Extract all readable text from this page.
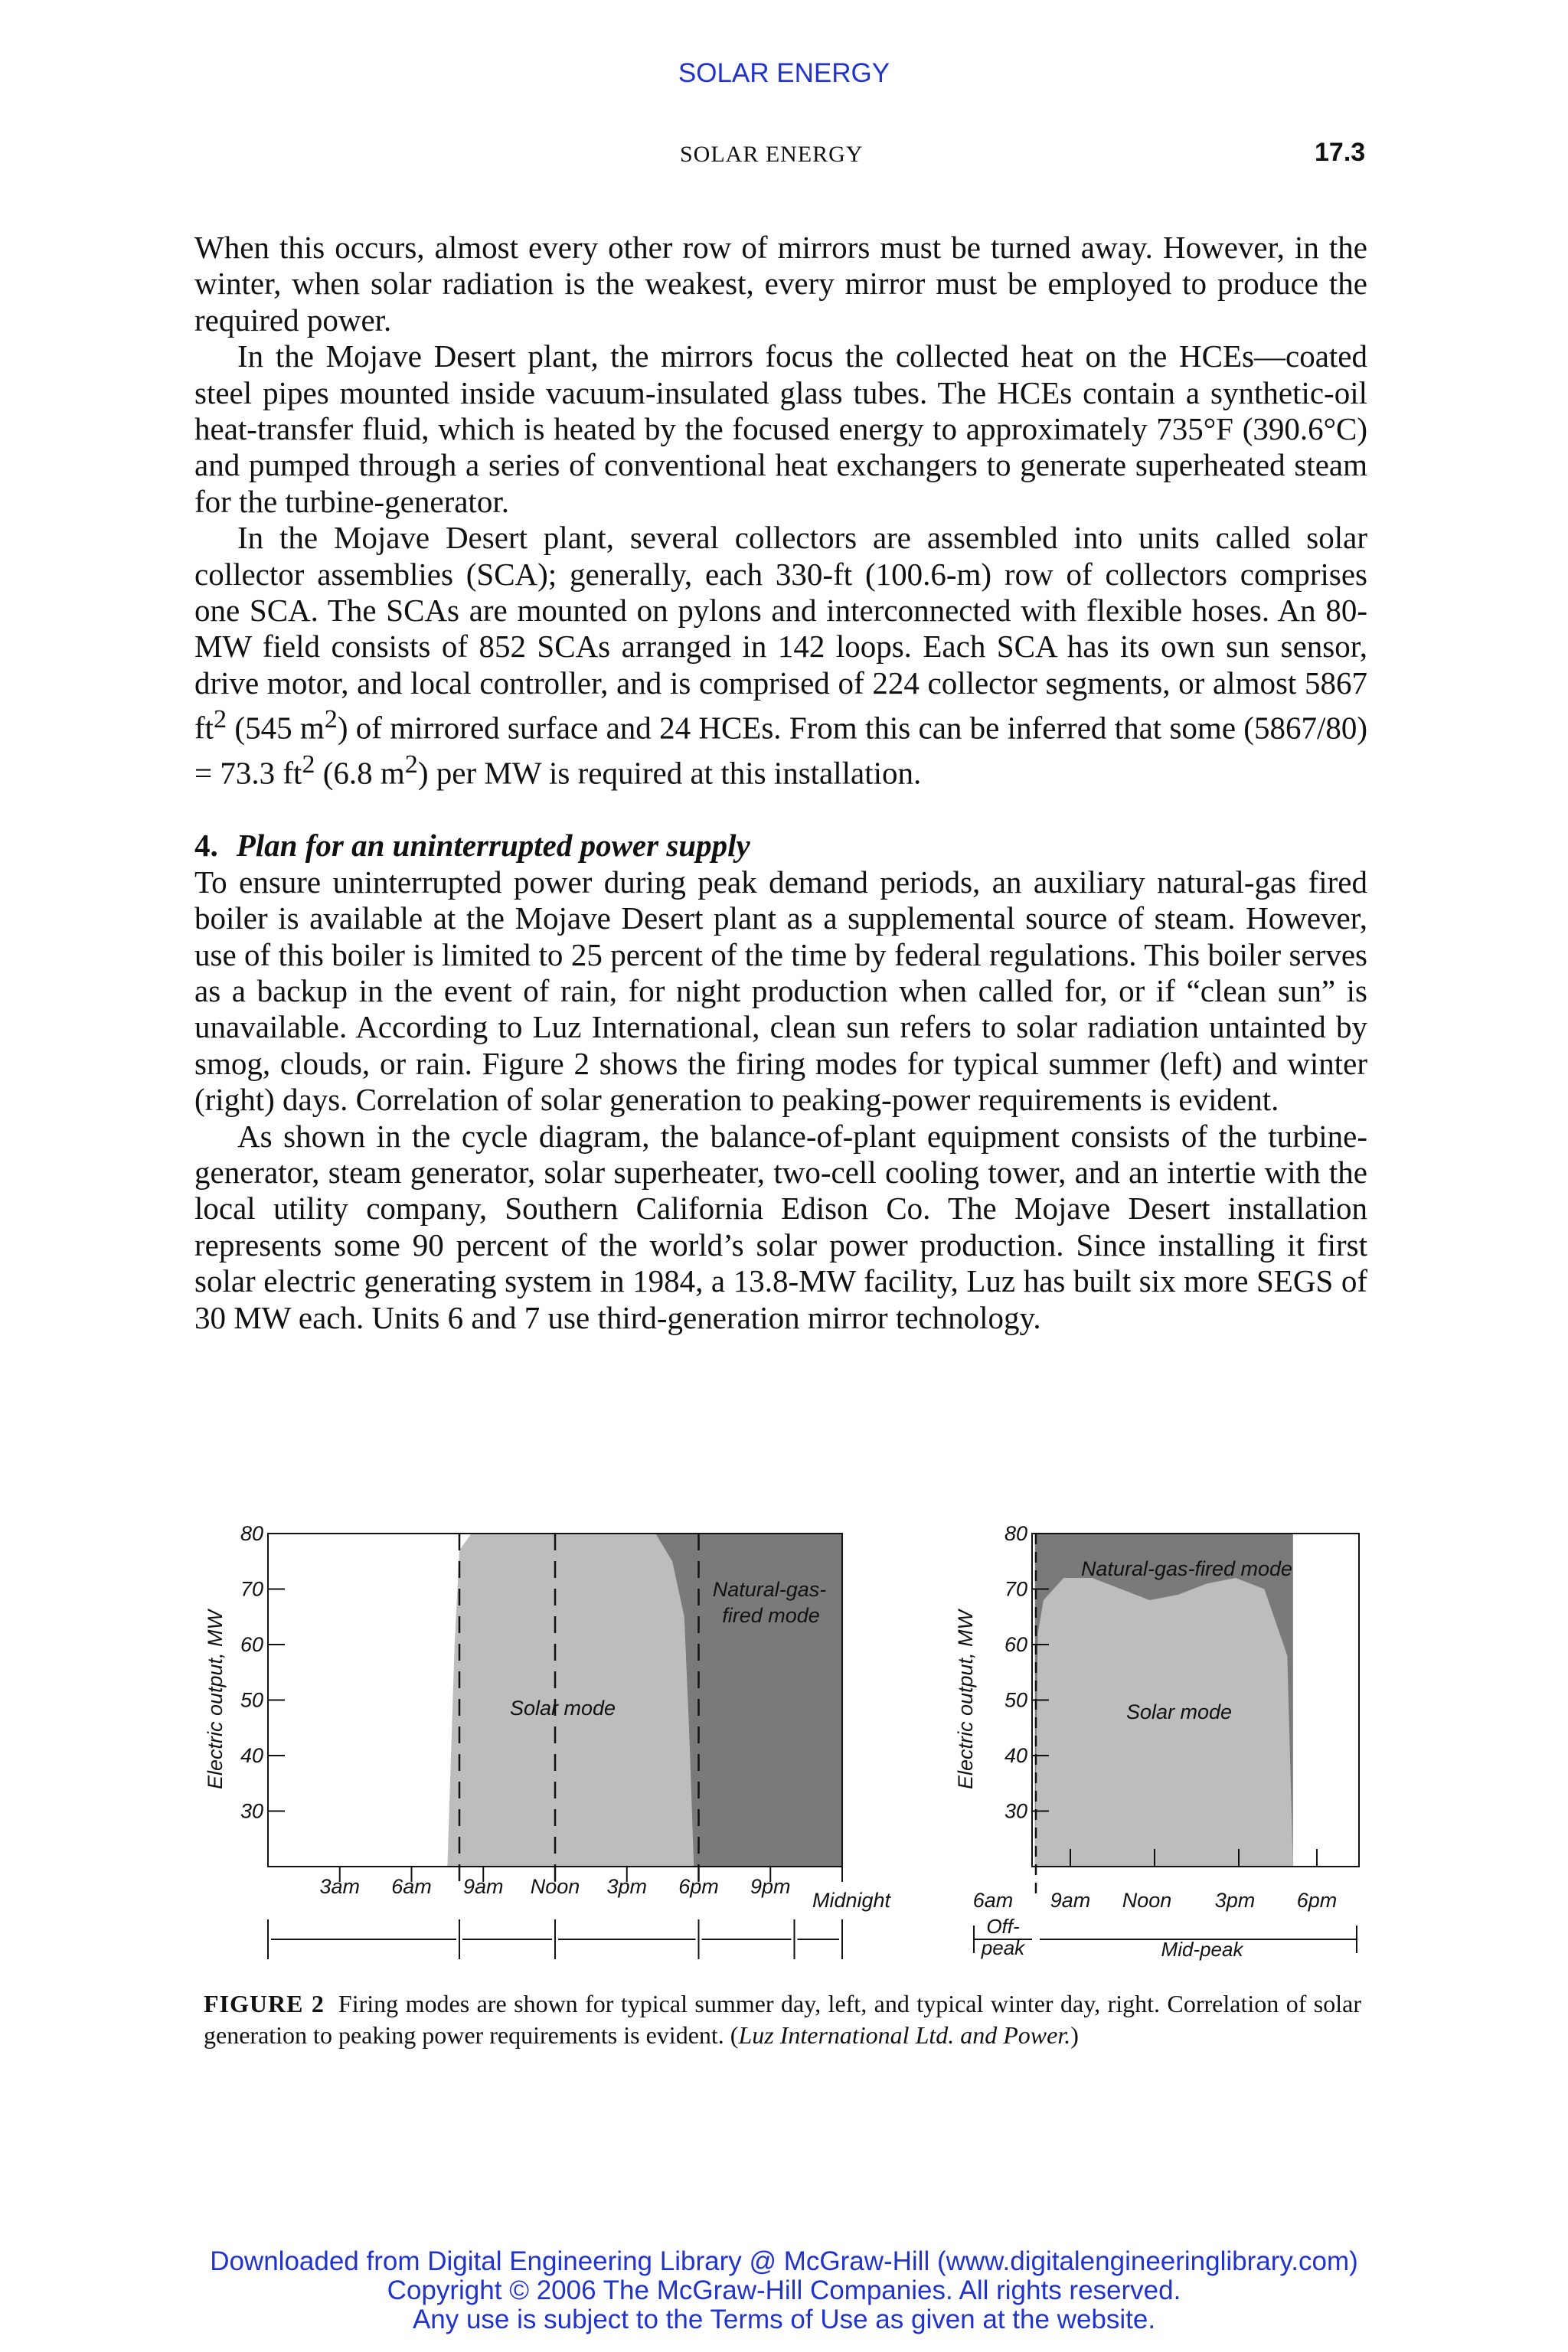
SOLAR ENERGY
SOLAR ENERGY	17.3

When this occurs, almost every other row of mirrors must be turned away. However, in the winter, when solar radiation is the weakest, every mirror must be employed to produce the required power.

In the Mojave Desert plant, the mirrors focus the collected heat on the HCEs—coated steel pipes mounted inside vacuum-insulated glass tubes. The HCEs contain a synthetic-oil heat-transfer fluid, which is heated by the focused energy to approximately 735°F (390.6°C) and pumped through a series of conventional heat exchangers to generate superheated steam for the turbine-generator.

In the Mojave Desert plant, several collectors are assembled into units called solar collector assemblies (SCA); generally, each 330-ft (100.6-m) row of collectors comprises one SCA. The SCAs are mounted on pylons and interconnected with flexible hoses. An 80-MW field consists of 852 SCAs arranged in 142 loops. Each SCA has its own sun sensor, drive motor, and local controller, and is comprised of 224 collector segments, or almost 5867 $ft^2$ (545 $m^2$) of mirrored surface and 24 HCEs. From this can be inferred that some (5867/80) = 73.3 $ft^2$ (6.8 $m^2$) per MW is required at this installation.

4. Plan for an uninterrupted power supply

To ensure uninterrupted power during peak demand periods, an auxiliary natural-gas fired boiler is available at the Mojave Desert plant as a supplemental source of steam. However, use of this boiler is limited to 25 percent of the time by federal regulations. This boiler serves as a backup in the event of rain, for night production when called for, or if “clean sun” is unavailable. According to Luz International, clean sun refers to solar radiation untainted by smog, clouds, or rain. Figure 2 shows the firing modes for typical summer (left) and winter (right) days. Correlation of solar generation to peaking-power requirements is evident.

As shown in the cycle diagram, the balance-of-plant equipment consists of the turbine-generator, steam generator, solar superheater, two-cell cooling tower, and an intertie with the local utility company, Southern California Edison Co. The Mojave Desert installation represents some 90 percent of the world’s solar power production. Since installing it first solar electric generating system in 1984, a 13.8-MW facility, Luz has built six more SEGS of 30 MW each. Units 6 and 7 use third-generation mirror technology.

30
40
50
60
70
80
3am 6am 9am Noon 3pm 6pm 9pm
Midnight
Electric output, MW	Solar mode
Natural-gas-
fired mode
30
40
50
60
70
80
6am 9am Noon 3pm 6pm
Electric output, MW	Solar mode
Natural-gas-fired mode
Off-
peak	Mid-peak
FIGURE 2 Firing modes are shown for typical summer day, left, and typical winter day, right. Correlation of solar generation to peaking power requirements is evident. (Luz International Ltd. and Power.)
Downloaded from Digital Engineering Library @ McGraw-Hill (www.digitalengineeringlibrary.com)
Copyright © 2006 The McGraw-Hill Companies. All rights reserved.
Any use is subject to the Terms of Use as given at the website.
